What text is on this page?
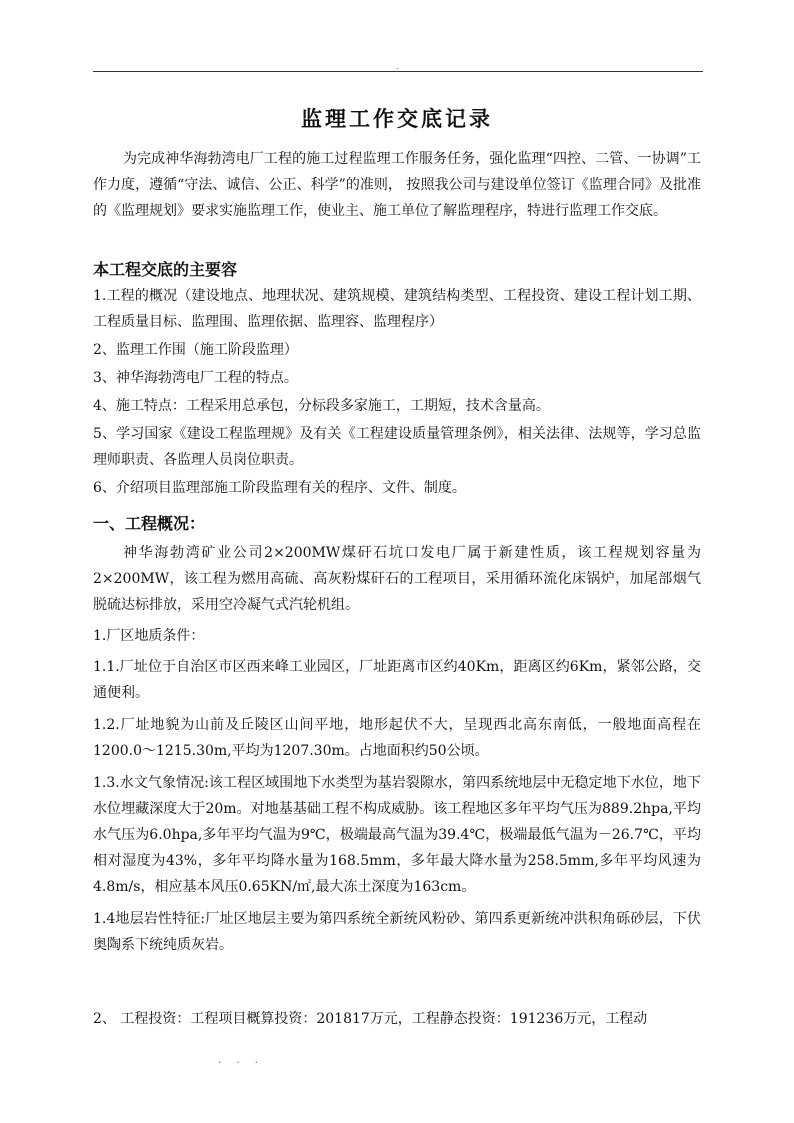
.
监理工作交底记录

为完成神华海勃湾电厂工程的施工过程监理工作服务任务，强化监理“四控、二管、一协调”工作力度，遵循“守法、诚信、公正、科学”的准则， 按照我公司与建设单位签订《监理合同》及批准的《监理规划》要求实施监理工作，使业主、施工单位了解监理程序，特进行监理工作交底。

本工程交底的主要容
1.工程的概况（建设地点、地理状况、建筑规模、建筑结构类型、工程投资、建设工程计划工期、工程质量目标、监理围、监理依据、监理容、监理程序）
2、监理工作围（施工阶段监理）
3、神华海勃湾电厂工程的特点。
4、施工特点：工程采用总承包，分标段多家施工，工期短，技术含量高。
5、学习国家《建设工程监理规》及有关《工程建设质量管理条例》，相关法律、法规等，学习总监理师职责、各监理人员岗位职责。
6、介绍项目监理部施工阶段监理有关的程序、文件、制度。
一、工程概况：

神华海勃湾矿业公司2×200MW煤矸石坑口发电厂属于新建性质，该工程规划容量为2×200MW，该工程为燃用高硫、高灰粉煤矸石的工程项目，采用循环流化床锅炉，加尾部烟气脱硫达标排放，采用空冷凝气式汽轮机组。

1.厂区地质条件：

1.1.厂址位于自治区市区西来峰工业园区，厂址距离市区约40Km，距离区约6Km，紧邻公路，交通便利。
1.2.厂址地貌为山前及丘陵区山间平地，地形起伏不大，呈现西北高东南低，一般地面高程在1200.0～1215.30m,平均为1207.30m。占地面积约50公顷。
1.3.水文气象情况:该工程区域围地下水类型为基岩裂隙水，第四系统地层中无稳定地下水位，地下水位埋藏深度大于20m。对地基基础工程不构成威胁。该工程地区多年平均气压为889.2hpa,平均水气压为6.0hpa,多年平均气温为9℃，极端最高气温为39.4℃，极端最低气温为－26.7℃，平均相对湿度为43%，多年平均降水量为168.5mm，多年最大降水量为258.5mm,多年平均风速为4.8m/s，相应基本风压0.65KN/㎡,最大冻土深度为163cm。
1.4地层岩性特征:厂址区地层主要为第四系统全新统风粉砂、第四系更新统冲洪积角砾砂层，下伏奥陶系下统纯质灰岩。

2、 工程投资：工程项目概算投资：201817万元，工程静态投资：191236万元，工程动

. . .
